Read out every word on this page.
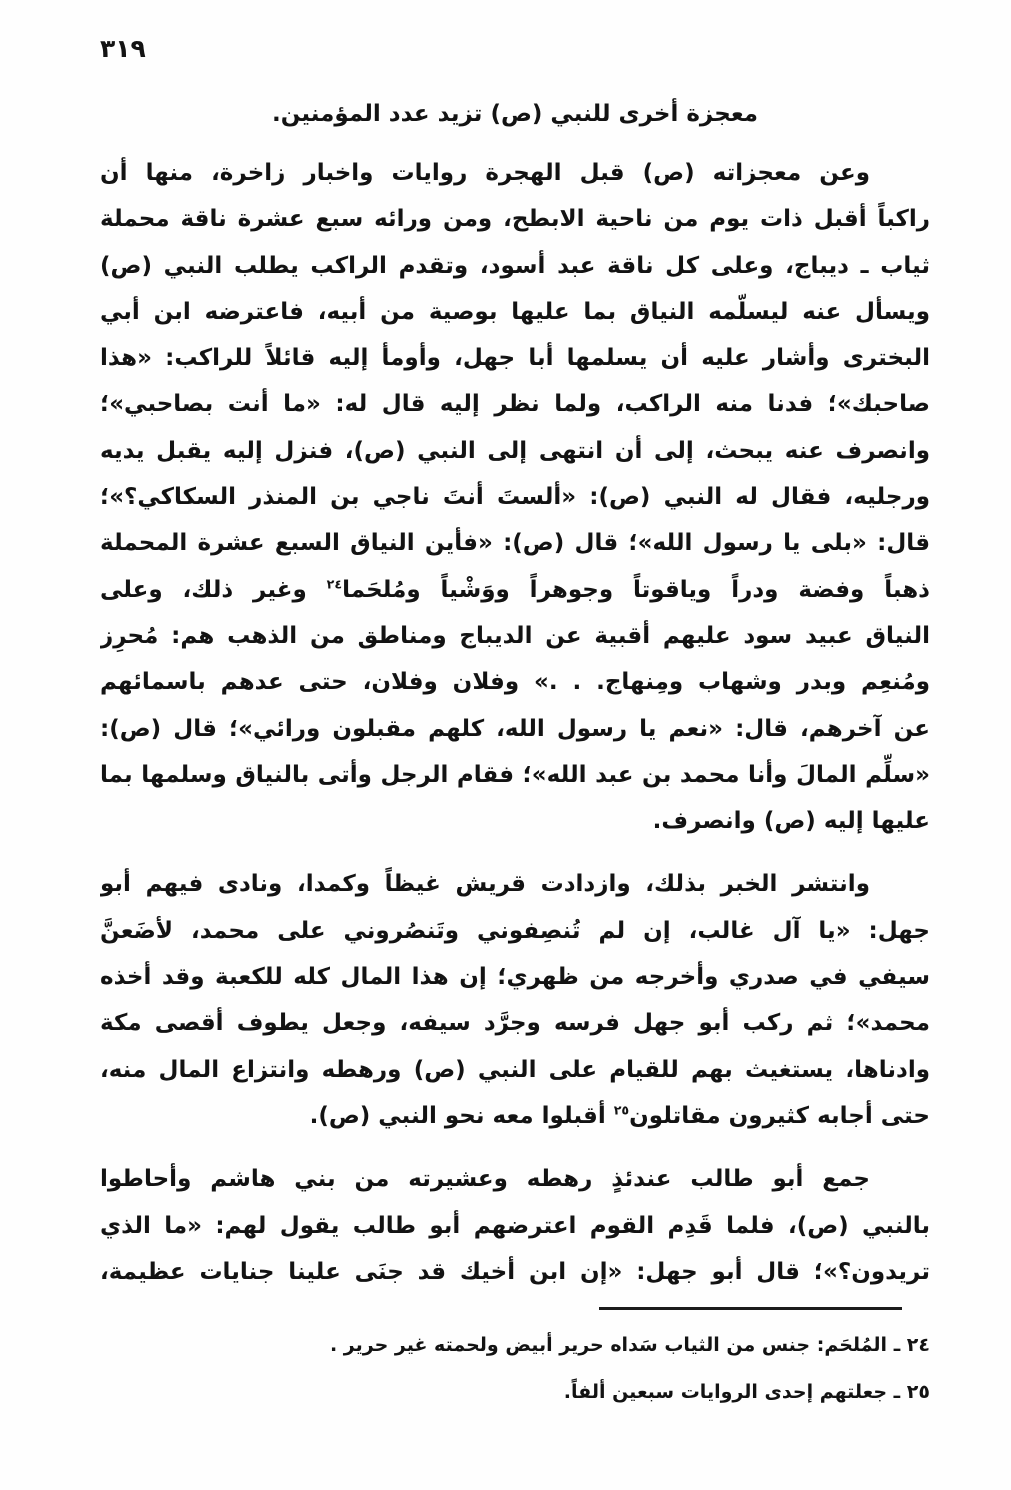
٣١٩
معجزة أخرى للنبي (ص) تزيد عدد المؤمنين.
وعن معجزاته (ص) قبل الهجرة روايات واخبار زاخرة، منها أن
راكباً أقبل ذات يوم من ناحية الابطح، ومن ورائه سبع عشرة ناقة محملة
ثياب ـ ديباج، وعلى كل ناقة عبد أسود، وتقدم الراكب يطلب النبي (ص)
ويسأل عنه ليسلّمه النياق بما عليها بوصية من أبيه، فاعترضه ابن أبي
البخترى وأشار عليه أن يسلمها أبا جهل، وأومأ إليه قائلاً للراكب: «هذا
صاحبك»؛ فدنا منه الراكب، ولما نظر إليه قال له: «ما أنت بصاحبي»؛
وانصرف عنه يبحث، إلى أن انتهى إلى النبي (ص)، فنزل إليه يقبل يديه
ورجليه، فقال له النبي (ص): «ألستَ أنتَ ناجي بن المنذر السكاكي؟»؛
قال: «بلى يا رسول الله»؛ قال (ص): «فأين النياق السبع عشرة المحملة
ذهباً وفضة ودراً وياقوتاً وجوهراً ووَشْياً ومُلحَما$^{٢٤}$ وغير ذلك، وعلى
النياق عبيد سود عليهم أقبية عن الديباج ومناطق من الذهب هم: مُحرِز
ومُنعِم وبدر وشهاب ومِنهاج. . .» وفلان وفلان، حتى عدهم باسمائهم
عن آخرهم، قال: «نعم يا رسول الله، كلهم مقبلون ورائي»؛ قال (ص):
«سلِّم المالَ وأنا محمد بن عبد الله»؛ فقام الرجل وأتى بالنياق وسلمها بما
عليها إليه (ص) وانصرف.
وانتشر الخبر بذلك، وازدادت قريش غيظاً وكمدا، ونادى فيهم أبو
جهل: «يا آل غالب، إن لم تُنصِفوني وتَنصُروني على محمد، لأضَعنَّ
سيفي في صدري وأخرجه من ظهري؛ إن هذا المال كله للكعبة وقد أخذه
محمد»؛ ثم ركب أبو جهل فرسه وجرَّد سيفه، وجعل يطوف أقصى مكة
وادناها، يستغيث بهم للقيام على النبي (ص) ورهطه وانتزاع المال منه،
حتى أجابه كثيرون مقاتلون$^{٢٥}$ أقبلوا معه نحو النبي (ص).
جمع أبو طالب عندئذٍ رهطه وعشيرته من بني هاشم وأحاطوا
بالنبي (ص)، فلما قَدِم القوم اعترضهم أبو طالب يقول لهم: «ما الذي
تريدون؟»؛ قال أبو جهل: «إن ابن أخيك قد جنَى علينا جنايات عظيمة،
٢٤ ـ المُلحَم: جنس من الثياب سَداه حرير أبيض ولحمته غير حرير .
٢٥ ـ جعلتهم إحدى الروايات سبعين ألفاً.
